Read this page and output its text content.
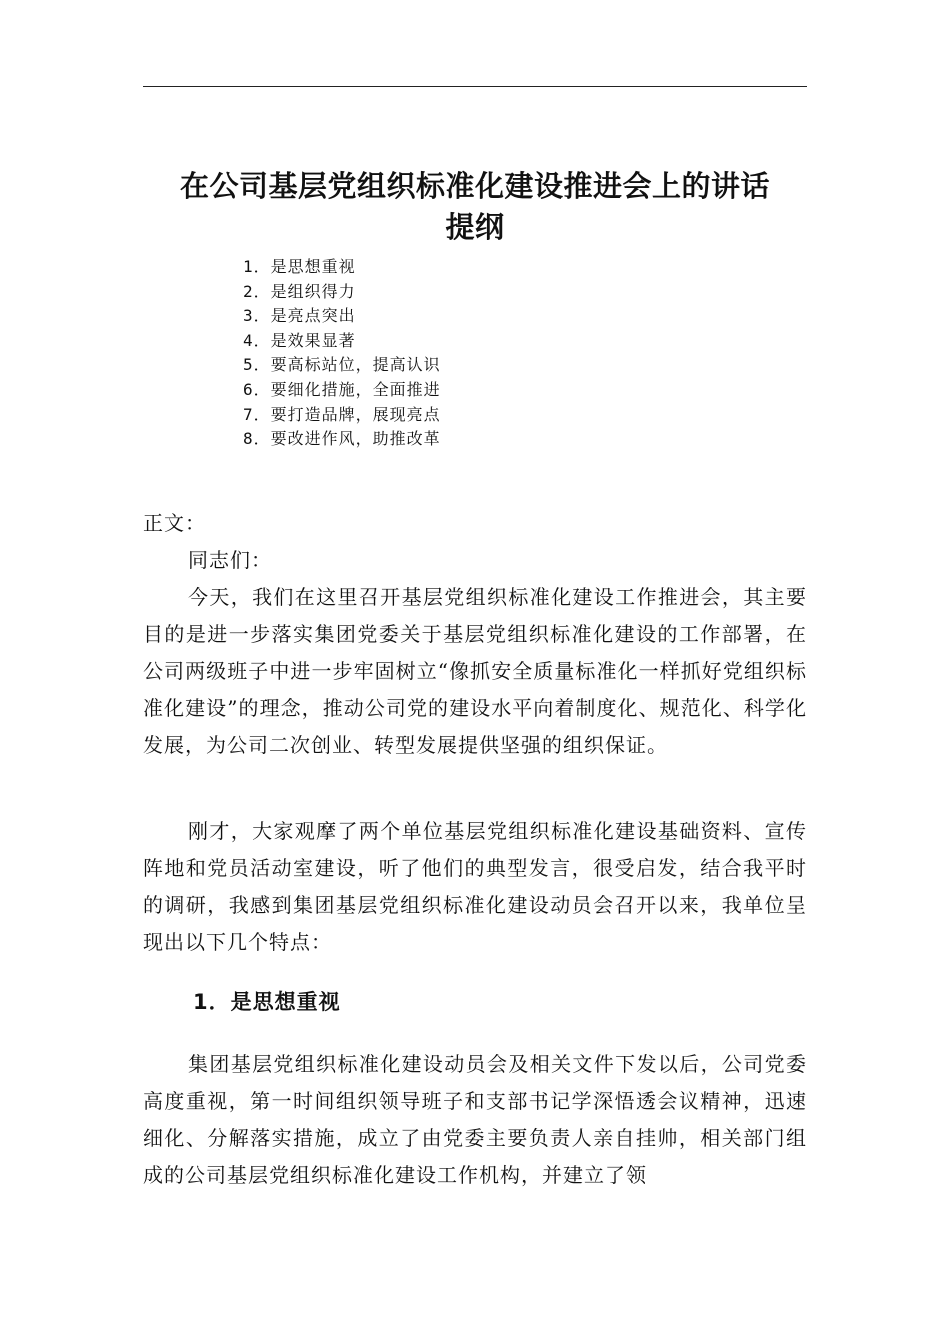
在公司基层党组织标准化建设推进会上的讲话
提纲
1．是思想重视
2．是组织得力
3．是亮点突出
4．是效果显著
5．要高标站位，提高认识
6．要细化措施，全面推进
7．要打造品牌，展现亮点
8．要改进作风，助推改革

正文：

同志们：

今天，我们在这里召开基层党组织标准化建设工作推进会，其主要目的是进一步落实集团党委关于基层党组织标准化建设的工作部署，在公司两级班子中进一步牢固树立“像抓安全质量标准化一样抓好党组织标准化建设”的理念，推动公司党的建设水平向着制度化、规范化、科学化发展，为公司二次创业、转型发展提供坚强的组织保证。

刚才，大家观摩了两个单位基层党组织标准化建设基础资料、宣传阵地和党员活动室建设，听了他们的典型发言，很受启发，结合我平时的调研，我感到集团基层党组织标准化建设动员会召开以来，我单位呈现出以下几个特点：

1．是思想重视

集团基层党组织标准化建设动员会及相关文件下发以后，公司党委高度重视，第一时间组织领导班子和支部书记学深悟透会议精神，迅速细化、分解落实措施，成立了由党委主要负责人亲自挂帅，相关部门组成的公司基层党组织标准化建设工作机构，并建立了领
